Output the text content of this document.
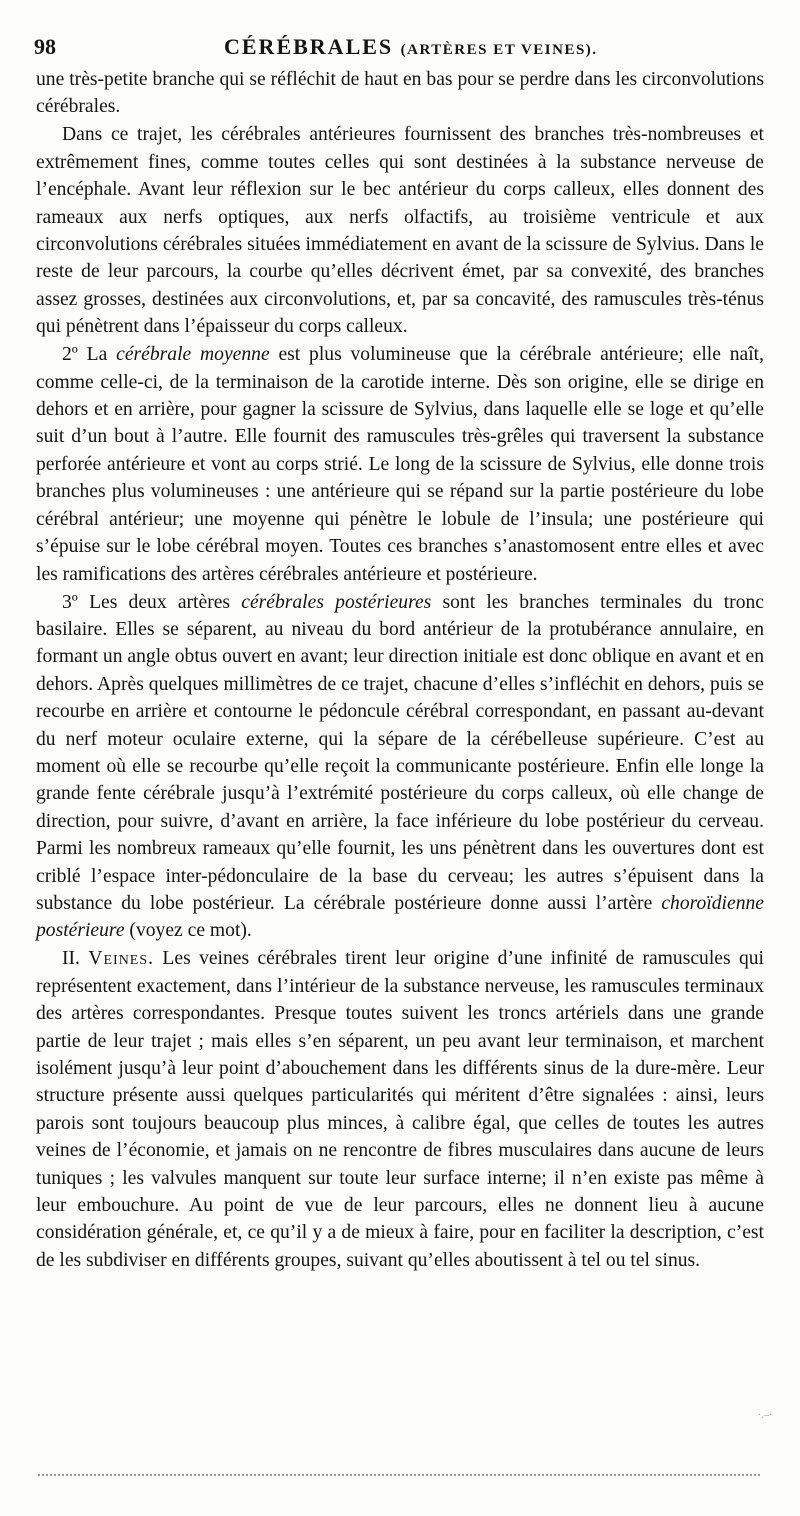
98	CÉRÉBRALES (ARTÈRES ET VEINES).

une très-petite branche qui se réfléchit de haut en bas pour se perdre dans les circonvolutions cérébrales.

Dans ce trajet, les cérébrales antérieures fournissent des branches très-nombreuses et extrêmement fines, comme toutes celles qui sont destinées à la substance nerveuse de l’encéphale. Avant leur réflexion sur le bec antérieur du corps calleux, elles donnent des rameaux aux nerfs optiques, aux nerfs olfactifs, au troisième ventricule et aux circonvolutions cérébrales situées immédiatement en avant de la scissure de Sylvius. Dans le reste de leur parcours, la courbe qu’elles décrivent émet, par sa convexité, des branches assez grosses, destinées aux circonvolutions, et, par sa concavité, des ramuscules très-ténus qui pénètrent dans l’épaisseur du corps calleux.

2º La cérébrale moyenne est plus volumineuse que la cérébrale antérieure; elle naît, comme celle-ci, de la terminaison de la carotide interne. Dès son origine, elle se dirige en dehors et en arrière, pour gagner la scissure de Sylvius, dans laquelle elle se loge et qu’elle suit d’un bout à l’autre. Elle fournit des ramuscules très-grêles qui traversent la substance perforée antérieure et vont au corps strié. Le long de la scissure de Sylvius, elle donne trois branches plus volumineuses : une antérieure qui se répand sur la partie postérieure du lobe cérébral antérieur; une moyenne qui pénètre le lobule de l’insula; une postérieure qui s’épuise sur le lobe cérébral moyen. Toutes ces branches s’anastomosent entre elles et avec les ramifications des artères cérébrales antérieure et postérieure.

3º Les deux artères cérébrales postérieures sont les branches terminales du tronc basilaire. Elles se séparent, au niveau du bord antérieur de la protubérance annulaire, en formant un angle obtus ouvert en avant; leur direction initiale est donc oblique en avant et en dehors. Après quelques millimètres de ce trajet, chacune d’elles s’infléchit en dehors, puis se recourbe en arrière et contourne le pédoncule cérébral correspondant, en passant au-devant du nerf moteur oculaire externe, qui la sépare de la cérébelleuse supérieure. C’est au moment où elle se recourbe qu’elle reçoit la communicante postérieure. Enfin elle longe la grande fente cérébrale jusqu’à l’extrémité postérieure du corps calleux, où elle change de direction, pour suivre, d’avant en arrière, la face inférieure du lobe postérieur du cerveau. Parmi les nombreux rameaux qu’elle fournit, les uns pénètrent dans les ouvertures dont est criblé l’espace inter-pédonculaire de la base du cerveau; les autres s’épuisent dans la substance du lobe postérieur. La cérébrale postérieure donne aussi l’artère choroïdienne postérieure (voyez ce mot).

II. Veines. Les veines cérébrales tirent leur origine d’une infinité de ramuscules qui représentent exactement, dans l’intérieur de la substance nerveuse, les ramuscules terminaux des artères correspondantes. Presque toutes suivent les troncs artériels dans une grande partie de leur trajet ; mais elles s’en séparent, un peu avant leur terminaison, et marchent isolément jusqu’à leur point d’abouchement dans les différents sinus de la dure-mère. Leur structure présente aussi quelques particularités qui méritent d’être signalées : ainsi, leurs parois sont toujours beaucoup plus minces, à calibre égal, que celles de toutes les autres veines de l’économie, et jamais on ne rencontre de fibres musculaires dans aucune de leurs tuniques ; les valvules manquent sur toute leur surface interne; il n’en existe pas même à leur embouchure. Au point de vue de leur parcours, elles ne donnent lieu à aucune considération générale, et, ce qu’il y a de mieux à faire, pour en faciliter la description, c’est de les subdiviser en différents groupes, suivant qu’elles aboutissent à tel ou tel sinus.

·.–·
